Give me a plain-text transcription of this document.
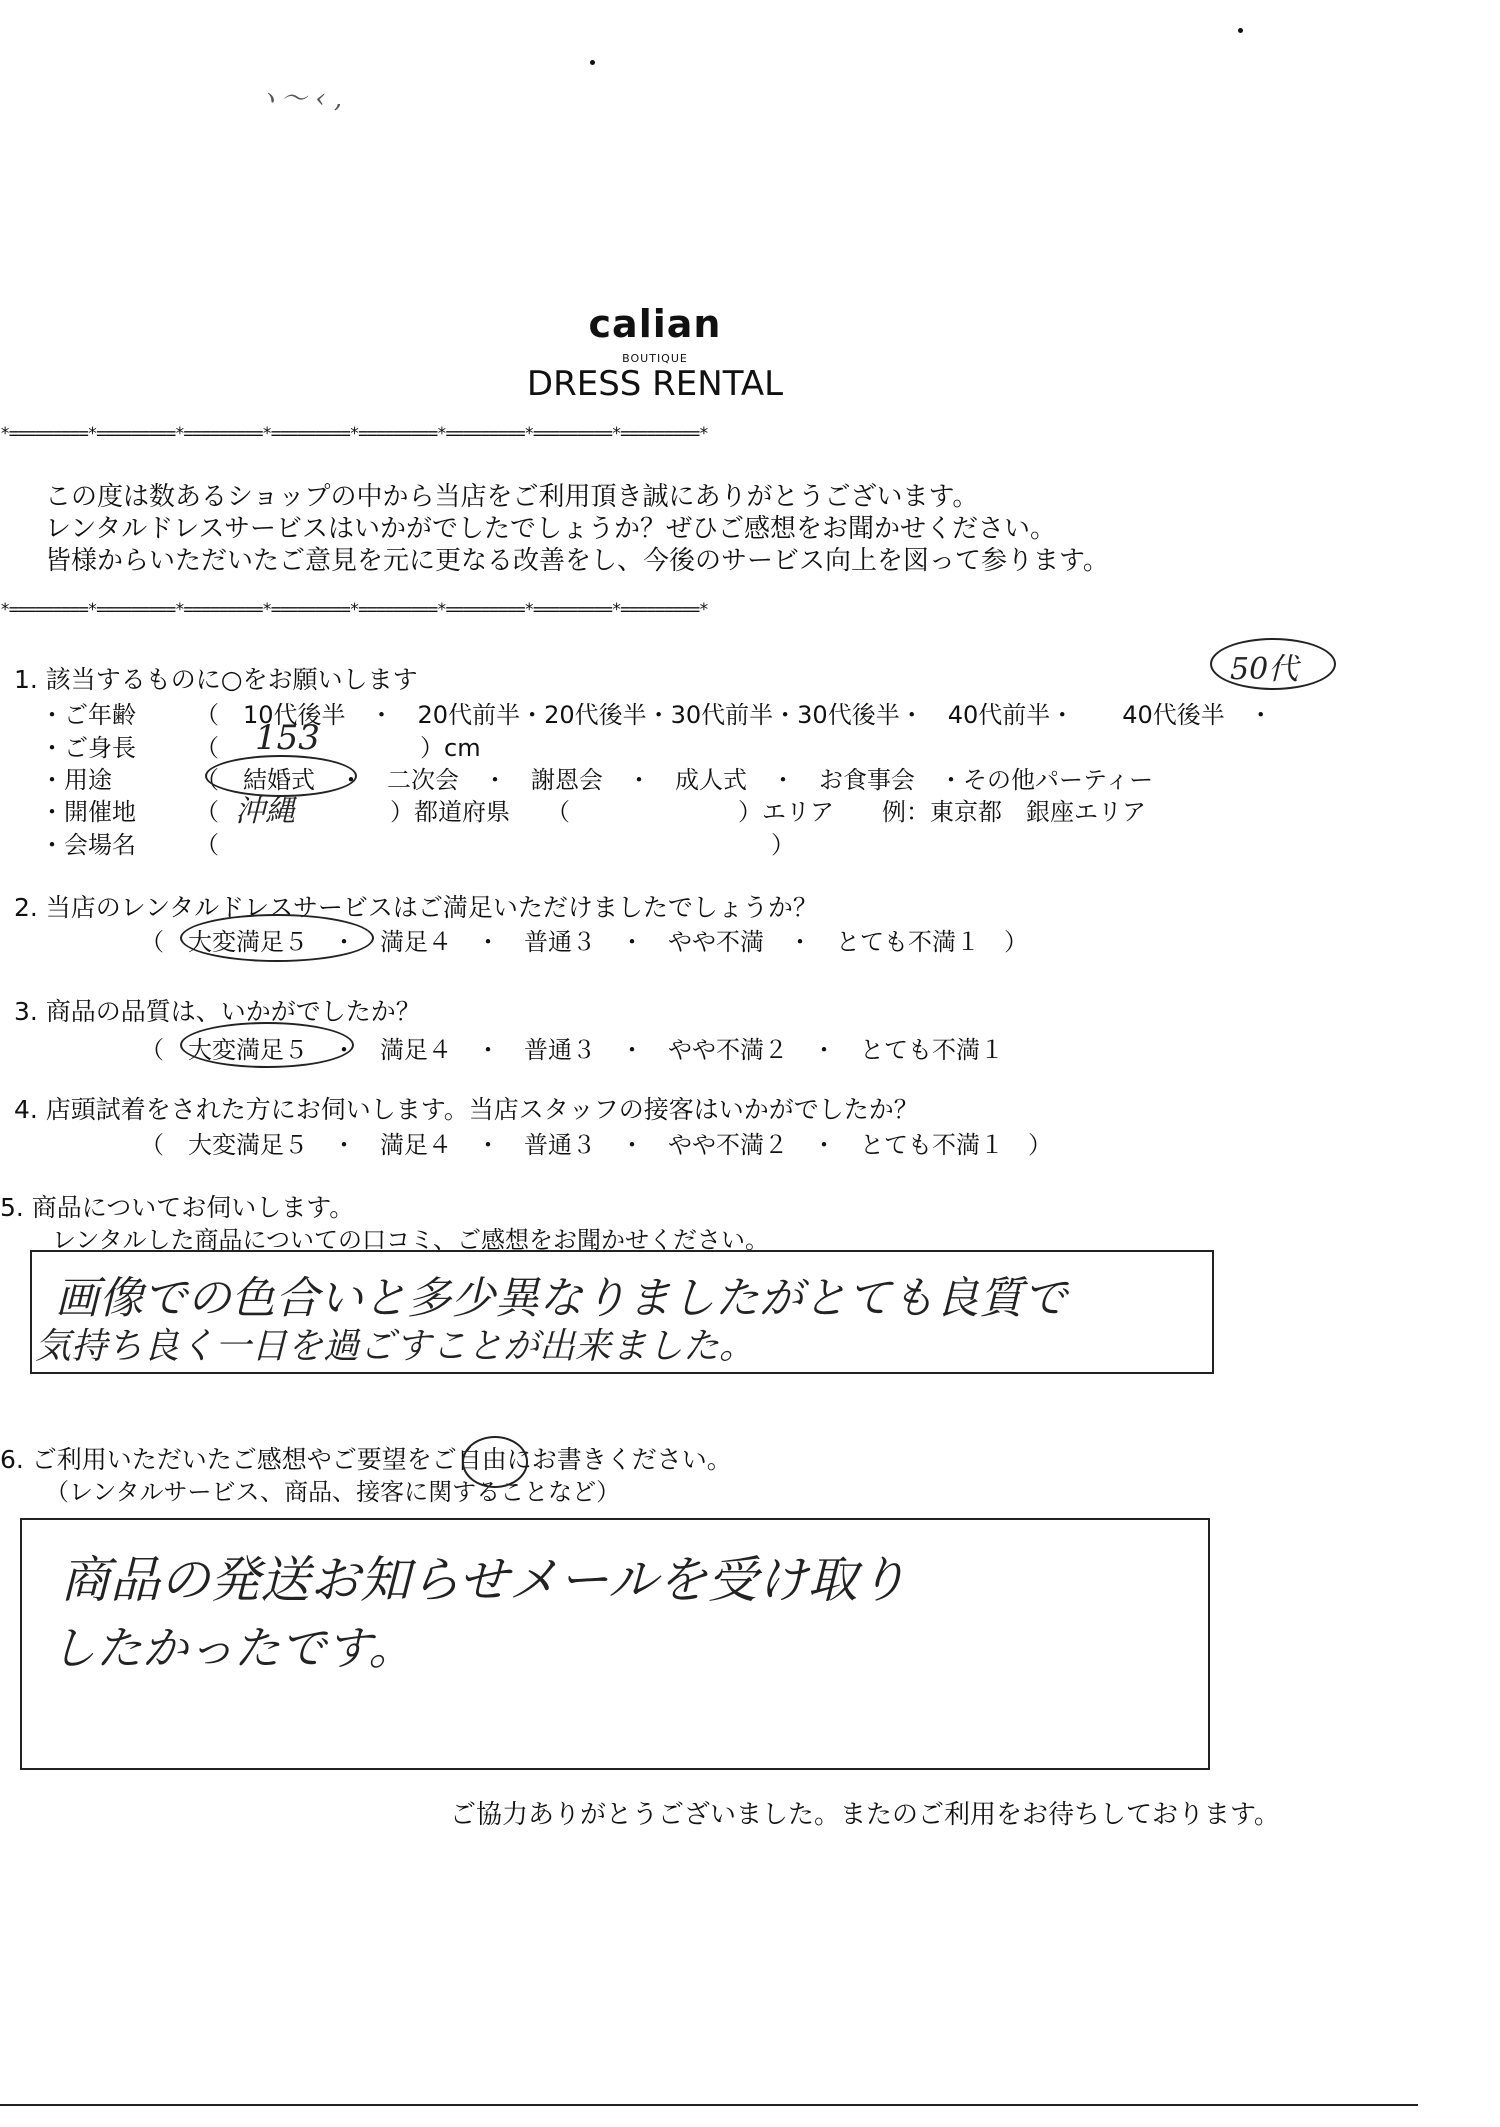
ヽ〜 ‹ ,
calian
BOUTIQUE
DRESS RENTAL
*=========*=========*=========*=========*=========*=========*=========*=========*
この度は数あるショップの中から当店をご利用頂き誠にありがとうございます。
レンタルドレスサービスはいかがでしたでしょうか？ぜひご感想をお聞かせください。
皆様からいただいたご意見を元に更なる改善をし、今後のサービス向上を図って参ります。
*=========*=========*=========*=========*=========*=========*=========*=========*
1. 該当するものに○をお願いします	50代
・ご年齢 （　10代後半　・　20代前半・20代後半・30代前半・30代後半・　40代前半・　　40代後半　・
・ご身長 （ 153	）cm
・用途	（　結婚式　・　二次会　・　謝恩会　・　成人式　・　お食事会　・その他パーティー
・開催地 （ 沖縄	）都道府県　　（　　　　　　　）エリア　　例：東京都　銀座エリア
・会場名 （　　　　　　　　　　　　　　　　　　　　　　　）
2. 当店のレンタルドレスサービスはご満足いただけましたでしょうか？
（　大変満足５　・　満足４　・　普通３　・　やや不満　・　とても不満１　）
3. 商品の品質は、いかがでしたか？
（　大変満足５　・　満足４　・　普通３　・　やや不満２　・　とても不満１
4. 店頭試着をされた方にお伺いします。当店スタッフの接客はいかがでしたか？
（　大変満足５　・　満足４　・　普通３　・　やや不満２　・　とても不満１　）
5. 商品についてお伺いします。
レンタルした商品についての口コミ、ご感想をお聞かせください。
画像での色合いと多少異なりましたがとても良質で
気持ち良く一日を過ごすことが出来ました。
6. ご利用いただいたご感想やご要望をご自由にお書きください。
（レンタルサービス、商品、接客に関することなど）
商品の発送お知らせメールを受け取り
したかったです。
ご協力ありがとうございました。またのご利用をお待ちしております。
